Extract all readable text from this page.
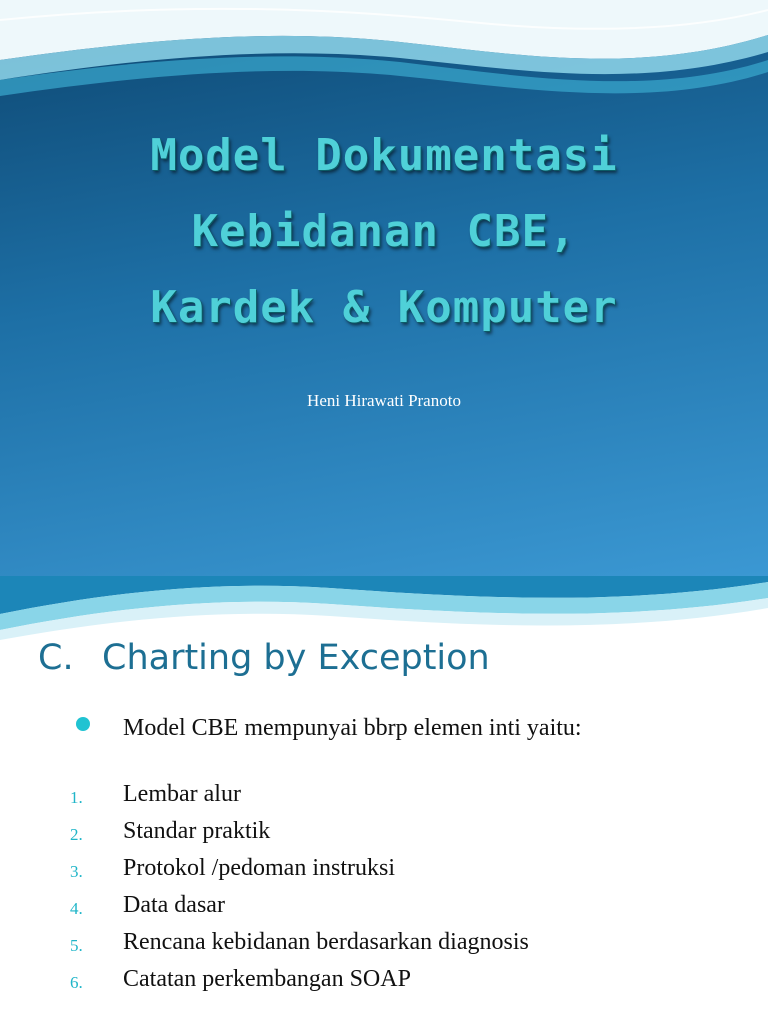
Model Dokumentasi
Kebidanan CBE,
Kardek & Komputer
Heni Hirawati Pranoto
C. Charting by Exception
Model CBE mempunyai bbrp elemen inti yaitu:
1. Lembar alur
2. Standar praktik
3. Protokol /pedoman instruksi
4. Data dasar
5. Rencana kebidanan berdasarkan diagnosis
6. Catatan perkembangan SOAP
